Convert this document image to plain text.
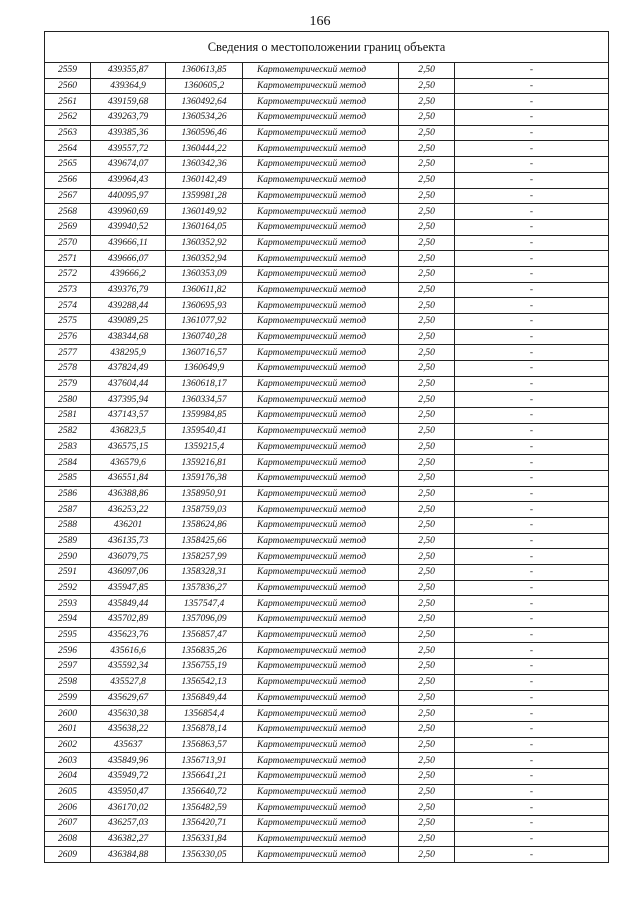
166
Сведения о местоположении границ объекта					
2559	439355,87	1360613,85	Картометрический метод	2,50	-
2560	439364,9	1360605,2	Картометрический метод	2,50	-
2561	439159,68	1360492,64	Картометрический метод	2,50	-
2562	439263,79	1360534,26	Картометрический метод	2,50	-
2563	439385,36	1360596,46	Картометрический метод	2,50	-
2564	439557,72	1360444,22	Картометрический метод	2,50	-
2565	439674,07	1360342,36	Картометрический метод	2,50	-
2566	439964,43	1360142,49	Картометрический метод	2,50	-
2567	440095,97	1359981,28	Картометрический метод	2,50	-
2568	439960,69	1360149,92	Картометрический метод	2,50	-
2569	439940,52	1360164,05	Картометрический метод	2,50	-
2570	439666,11	1360352,92	Картометрический метод	2,50	-
2571	439666,07	1360352,94	Картометрический метод	2,50	-
2572	439666,2	1360353,09	Картометрический метод	2,50	-
2573	439376,79	1360611,82	Картометрический метод	2,50	-
2574	439288,44	1360695,93	Картометрический метод	2,50	-
2575	439089,25	1361077,92	Картометрический метод	2,50	-
2576	438344,68	1360740,28	Картометрический метод	2,50	-
2577	438295,9	1360716,57	Картометрический метод	2,50	-
2578	437824,49	1360649,9	Картометрический метод	2,50	-
2579	437604,44	1360618,17	Картометрический метод	2,50	-
2580	437395,94	1360334,57	Картометрический метод	2,50	-
2581	437143,57	1359984,85	Картометрический метод	2,50	-
2582	436823,5	1359540,41	Картометрический метод	2,50	-
2583	436575,15	1359215,4	Картометрический метод	2,50	-
2584	436579,6	1359216,81	Картометрический метод	2,50	-
2585	436551,84	1359176,38	Картометрический метод	2,50	-
2586	436388,86	1358950,91	Картометрический метод	2,50	-
2587	436253,22	1358759,03	Картометрический метод	2,50	-
2588	436201	1358624,86	Картометрический метод	2,50	-
2589	436135,73	1358425,66	Картометрический метод	2,50	-
2590	436079,75	1358257,99	Картометрический метод	2,50	-
2591	436097,06	1358328,31	Картометрический метод	2,50	-
2592	435947,85	1357836,27	Картометрический метод	2,50	-
2593	435849,44	1357547,4	Картометрический метод	2,50	-
2594	435702,89	1357096,09	Картометрический метод	2,50	-
2595	435623,76	1356857,47	Картометрический метод	2,50	-
2596	435616,6	1356835,26	Картометрический метод	2,50	-
2597	435592,34	1356755,19	Картометрический метод	2,50	-
2598	435527,8	1356542,13	Картометрический метод	2,50	-
2599	435629,67	1356849,44	Картометрический метод	2,50	-
2600	435630,38	1356854,4	Картометрический метод	2,50	-
2601	435638,22	1356878,14	Картометрический метод	2,50	-
2602	435637	1356863,57	Картометрический метод	2,50	-
2603	435849,96	1356713,91	Картометрический метод	2,50	-
2604	435949,72	1356641,21	Картометрический метод	2,50	-
2605	435950,47	1356640,72	Картометрический метод	2,50	-
2606	436170,02	1356482,59	Картометрический метод	2,50	-
2607	436257,03	1356420,71	Картометрический метод	2,50	-
2608	436382,27	1356331,84	Картометрический метод	2,50	-
2609	436384,88	1356330,05	Картометрический метод	2,50	-
